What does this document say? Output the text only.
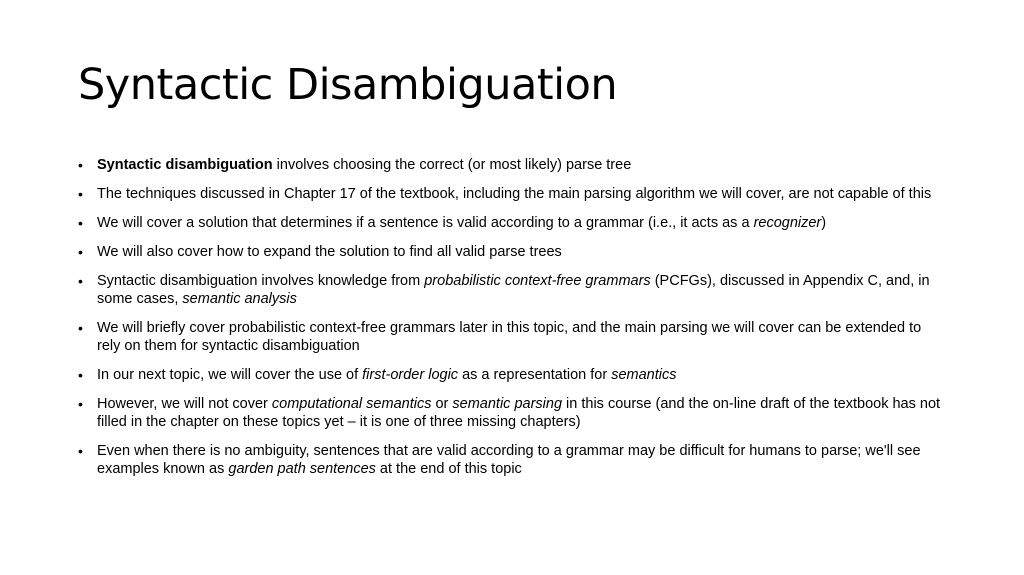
Syntactic Disambiguation
• Syntactic disambiguation involves choosing the correct (or most likely) parse tree
• The techniques discussed in Chapter 17 of the textbook, including the main parsing algorithm we will cover, are not capable of this
• We will cover a solution that determines if a sentence is valid according to a grammar (i.e., it acts as a recognizer)
• We will also cover how to expand the solution to find all valid parse trees
• Syntactic disambiguation involves knowledge from probabilistic context-free grammars (PCFGs), discussed in Appendix C, and, in some cases, semantic analysis
• We will briefly cover probabilistic context-free grammars later in this topic, and the main parsing we will cover can be extended to rely on them for syntactic disambiguation
• In our next topic, we will cover the use of first-order logic as a representation for semantics
• However, we will not cover computational semantics or semantic parsing in this course (and the on-line draft of the textbook has not filled in the chapter on these topics yet – it is one of three missing chapters)
• Even when there is no ambiguity, sentences that are valid according to a grammar may be difficult for humans to parse; we'll see examples known as garden path sentences at the end of this topic
